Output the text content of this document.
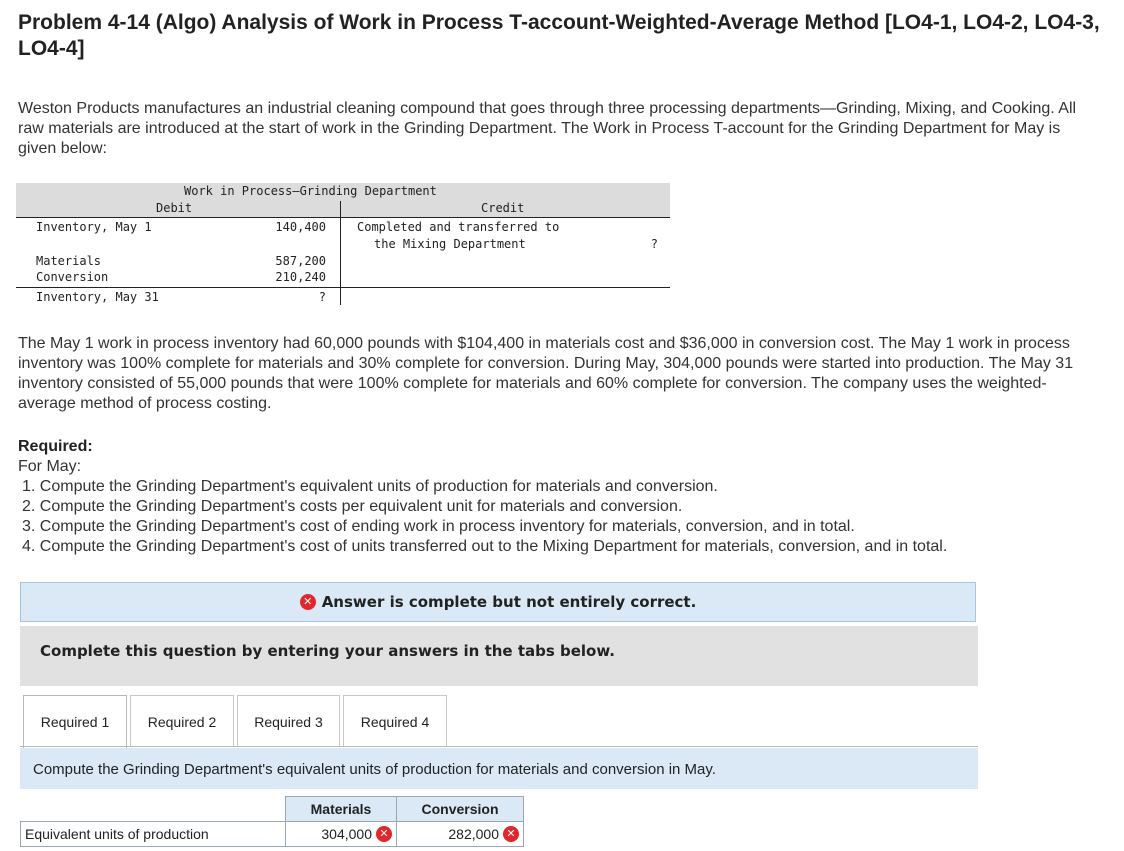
Problem 4-14 (Algo) Analysis of Work in Process T-account-Weighted-Average Method [LO4-1, LO4-2, LO4-3, LO4-4]
Weston Products manufactures an industrial cleaning compound that goes through three processing departments—Grinding, Mixing, and Cooking. All raw materials are introduced at the start of work in the Grinding Department. The Work in Process T-account for the Grinding Department for May is given below:
Work in Process–Grinding Department
Debit	Credit
Inventory, May 1	140,400	Completed and transferred to
the Mixing Department	?
Materials	587,200
Conversion	210,240
Inventory, May 31	?
The May 1 work in process inventory had 60,000 pounds with $104,400 in materials cost and $36,000 in conversion cost. The May 1 work in process inventory was 100% complete for materials and 30% complete for conversion. During May, 304,000 pounds were started into production. The May 31 inventory consisted of 55,000 pounds that were 100% complete for materials and 60% complete for conversion. The company uses the weighted-average method of process costing.
Required:
For May:
1. Compute the Grinding Department's equivalent units of production for materials and conversion.
2. Compute the Grinding Department's costs per equivalent unit for materials and conversion.
3. Compute the Grinding Department's cost of ending work in process inventory for materials, conversion, and in total.
4. Compute the Grinding Department's cost of units transferred out to the Mixing Department for materials, conversion, and in total.
✕ Answer is complete but not entirely correct.
Complete this question by entering your answers in the tabs below.
Required 1	Required 2	Required 3	Required 4
Compute the Grinding Department's equivalent units of production for materials and conversion in May.
	Materials	Conversion
Equivalent units of production	304,000 ✕	282,000 ✕
